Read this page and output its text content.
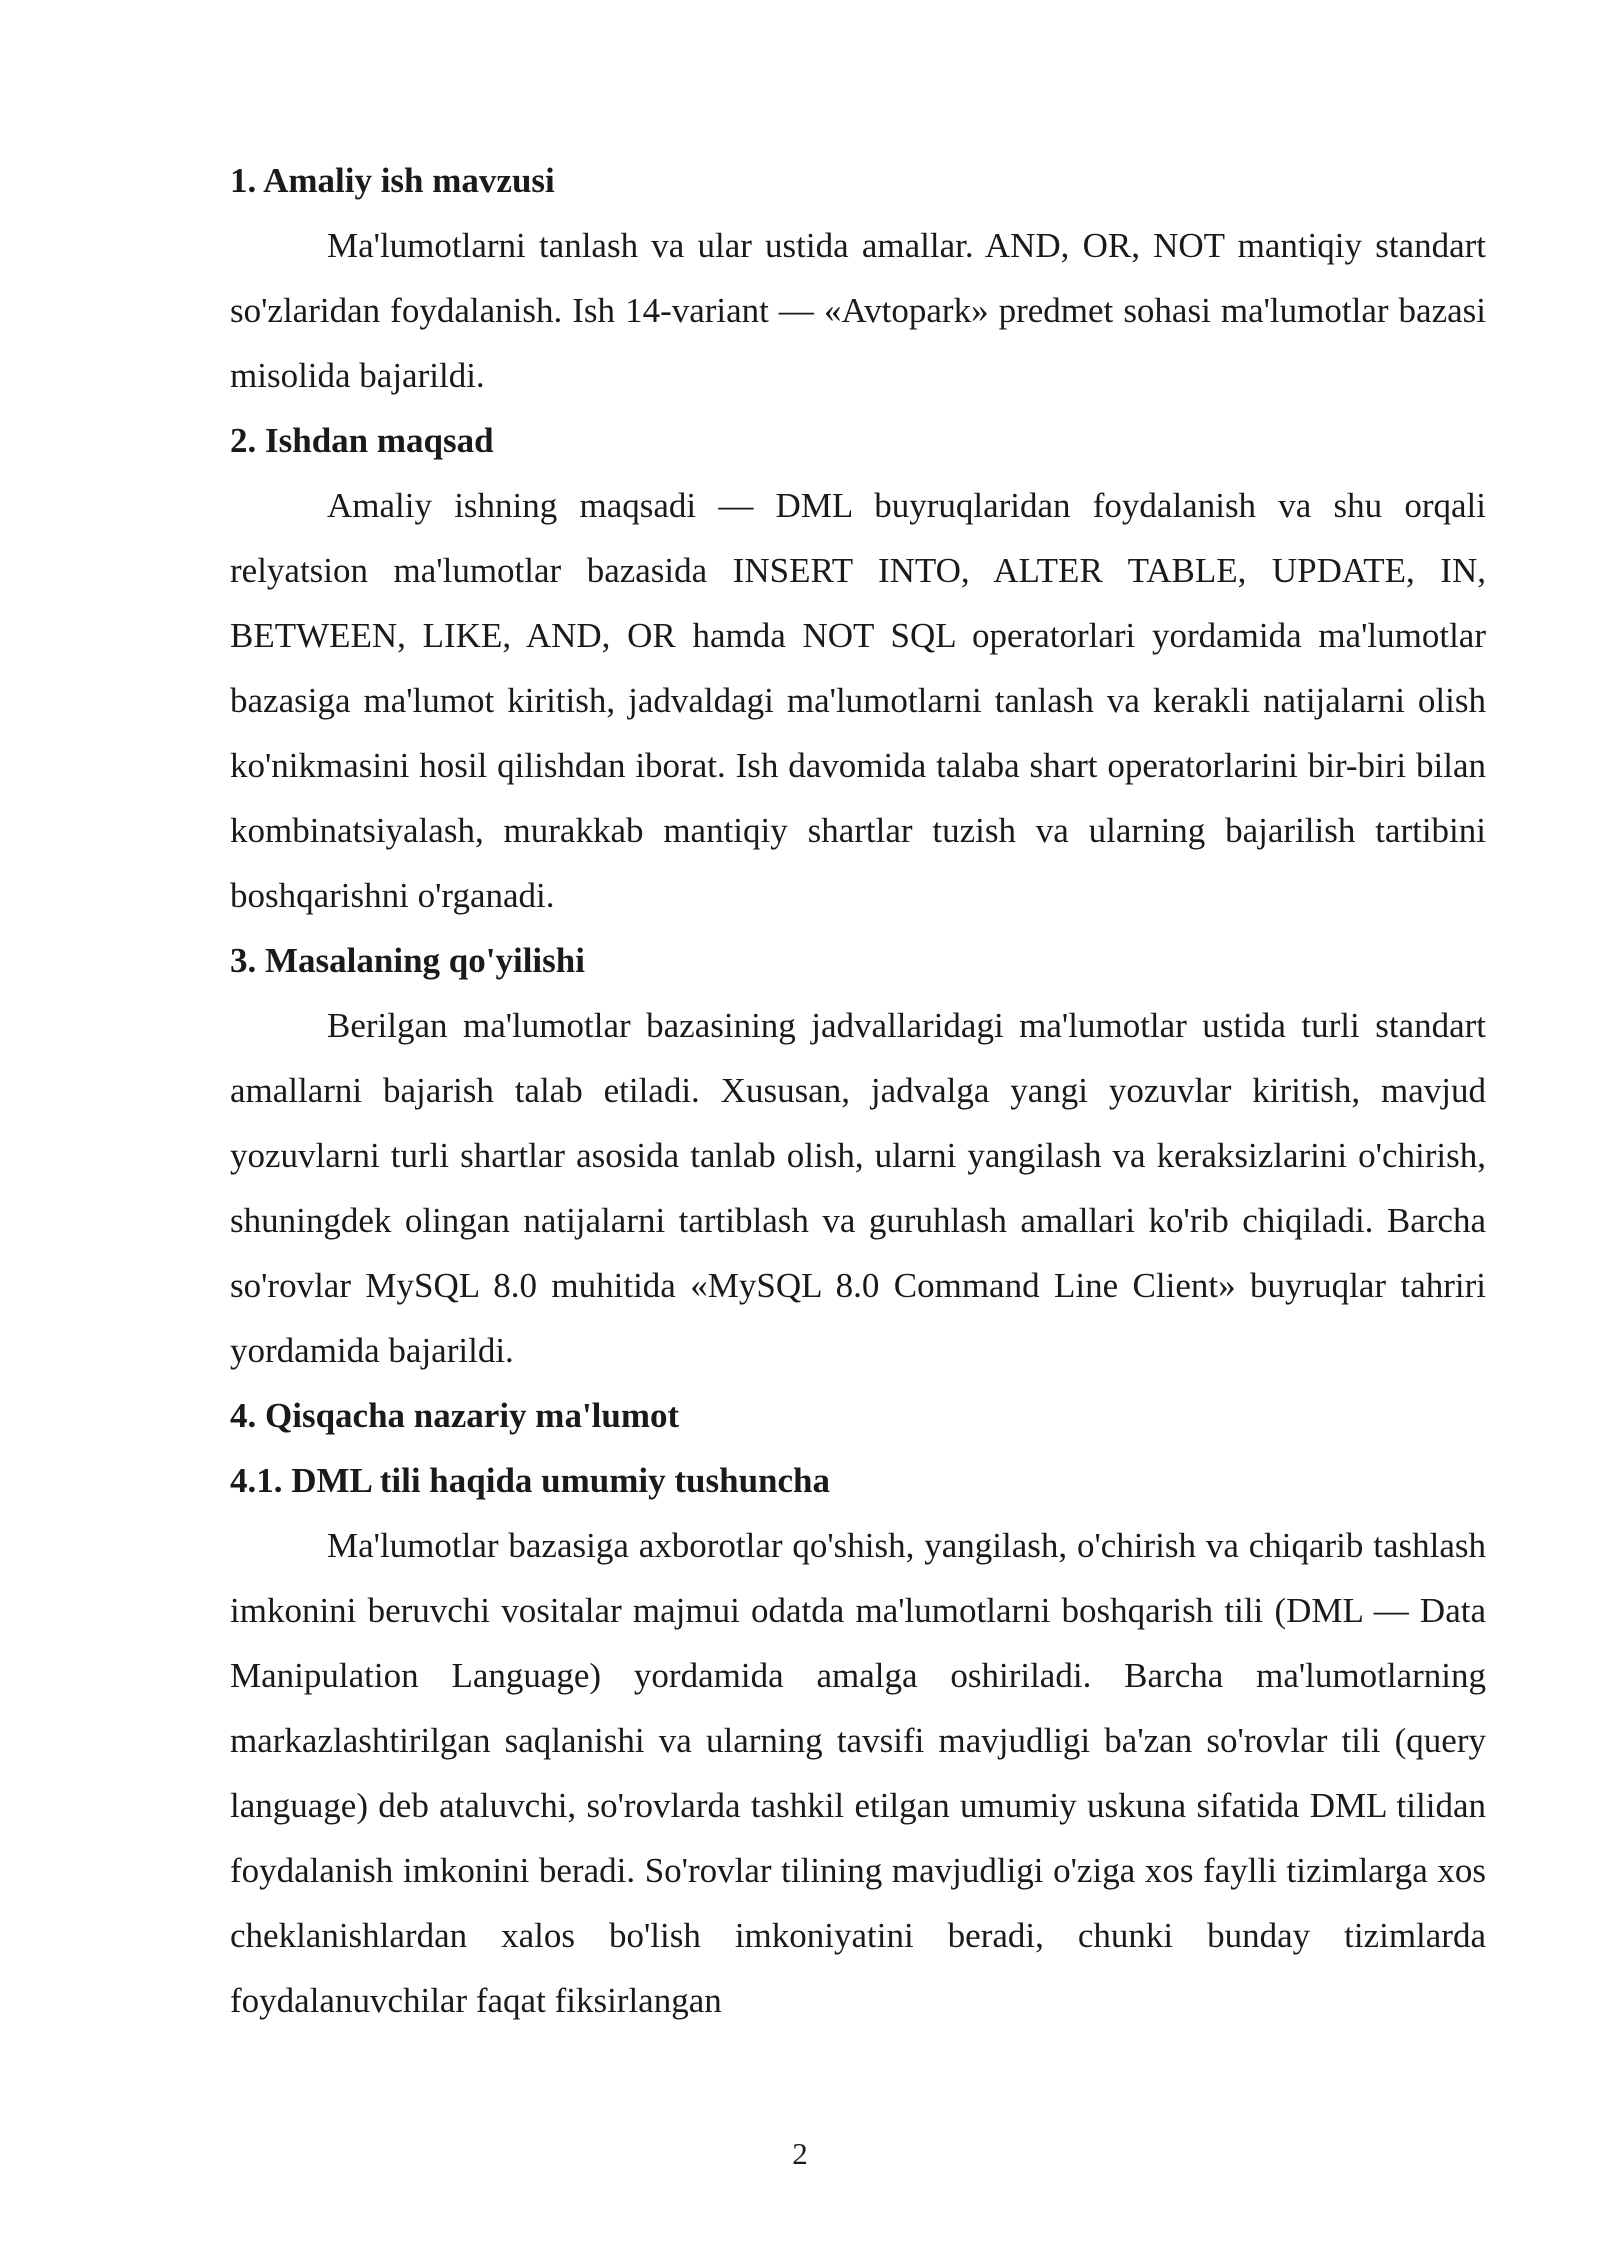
1. Amaliy ish mavzusi

Ma'lumotlarni tanlash va ular ustida amallar. AND, OR, NOT mantiqiy standart so'zlaridan foydalanish. Ish 14-variant — «Avtopark» predmet sohasi ma'lumotlar bazasi misolida bajarildi.

2. Ishdan maqsad

Amaliy ishning maqsadi — DML buyruqlaridan foydalanish va shu orqali relyatsion ma'lumotlar bazasida INSERT INTO, ALTER TABLE, UPDATE, IN, BETWEEN, LIKE, AND, OR hamda NOT SQL operatorlari yordamida ma'lumotlar bazasiga ma'lumot kiritish, jadvaldagi ma'lumotlarni tanlash va kerakli natijalarni olish ko'nikmasini hosil qilishdan iborat. Ish davomida talaba shart operatorlarini bir-biri bilan kombinatsiyalash, murakkab mantiqiy shartlar tuzish va ularning bajarilish tartibini boshqarishni o'rganadi.

3. Masalaning qo'yilishi

Berilgan ma'lumotlar bazasining jadvallaridagi ma'lumotlar ustida turli standart amallarni bajarish talab etiladi. Xususan, jadvalga yangi yozuvlar kiritish, mavjud yozuvlarni turli shartlar asosida tanlab olish, ularni yangilash va keraksizlarini o'chirish, shuningdek olingan natijalarni tartiblash va guruhlash amallari ko'rib chiqiladi. Barcha so'rovlar MySQL 8.0 muhitida «MySQL 8.0 Command Line Client» buyruqlar tahriri yordamida bajarildi.

4. Qisqacha nazariy ma'lumot

4.1. DML tili haqida umumiy tushuncha

Ma'lumotlar bazasiga axborotlar qo'shish, yangilash, o'chirish va chiqarib tashlash imkonini beruvchi vositalar majmui odatda ma'lumotlarni boshqarish tili (DML — Data Manipulation Language) yordamida amalga oshiriladi. Barcha ma'lumotlarning markazlashtirilgan saqlanishi va ularning tavsifi mavjudligi ba'zan so'rovlar tili (query language) deb ataluvchi, so'rovlarda tashkil etilgan umumiy uskuna sifatida DML tilidan foydalanish imkonini beradi. So'rovlar tilining mavjudligi o'ziga xos faylli tizimlarga xos cheklanishlardan xalos bo'lish imkoniyatini beradi, chunki bunday tizimlarda foydalanuvchilar faqat fiksirlangan

2
